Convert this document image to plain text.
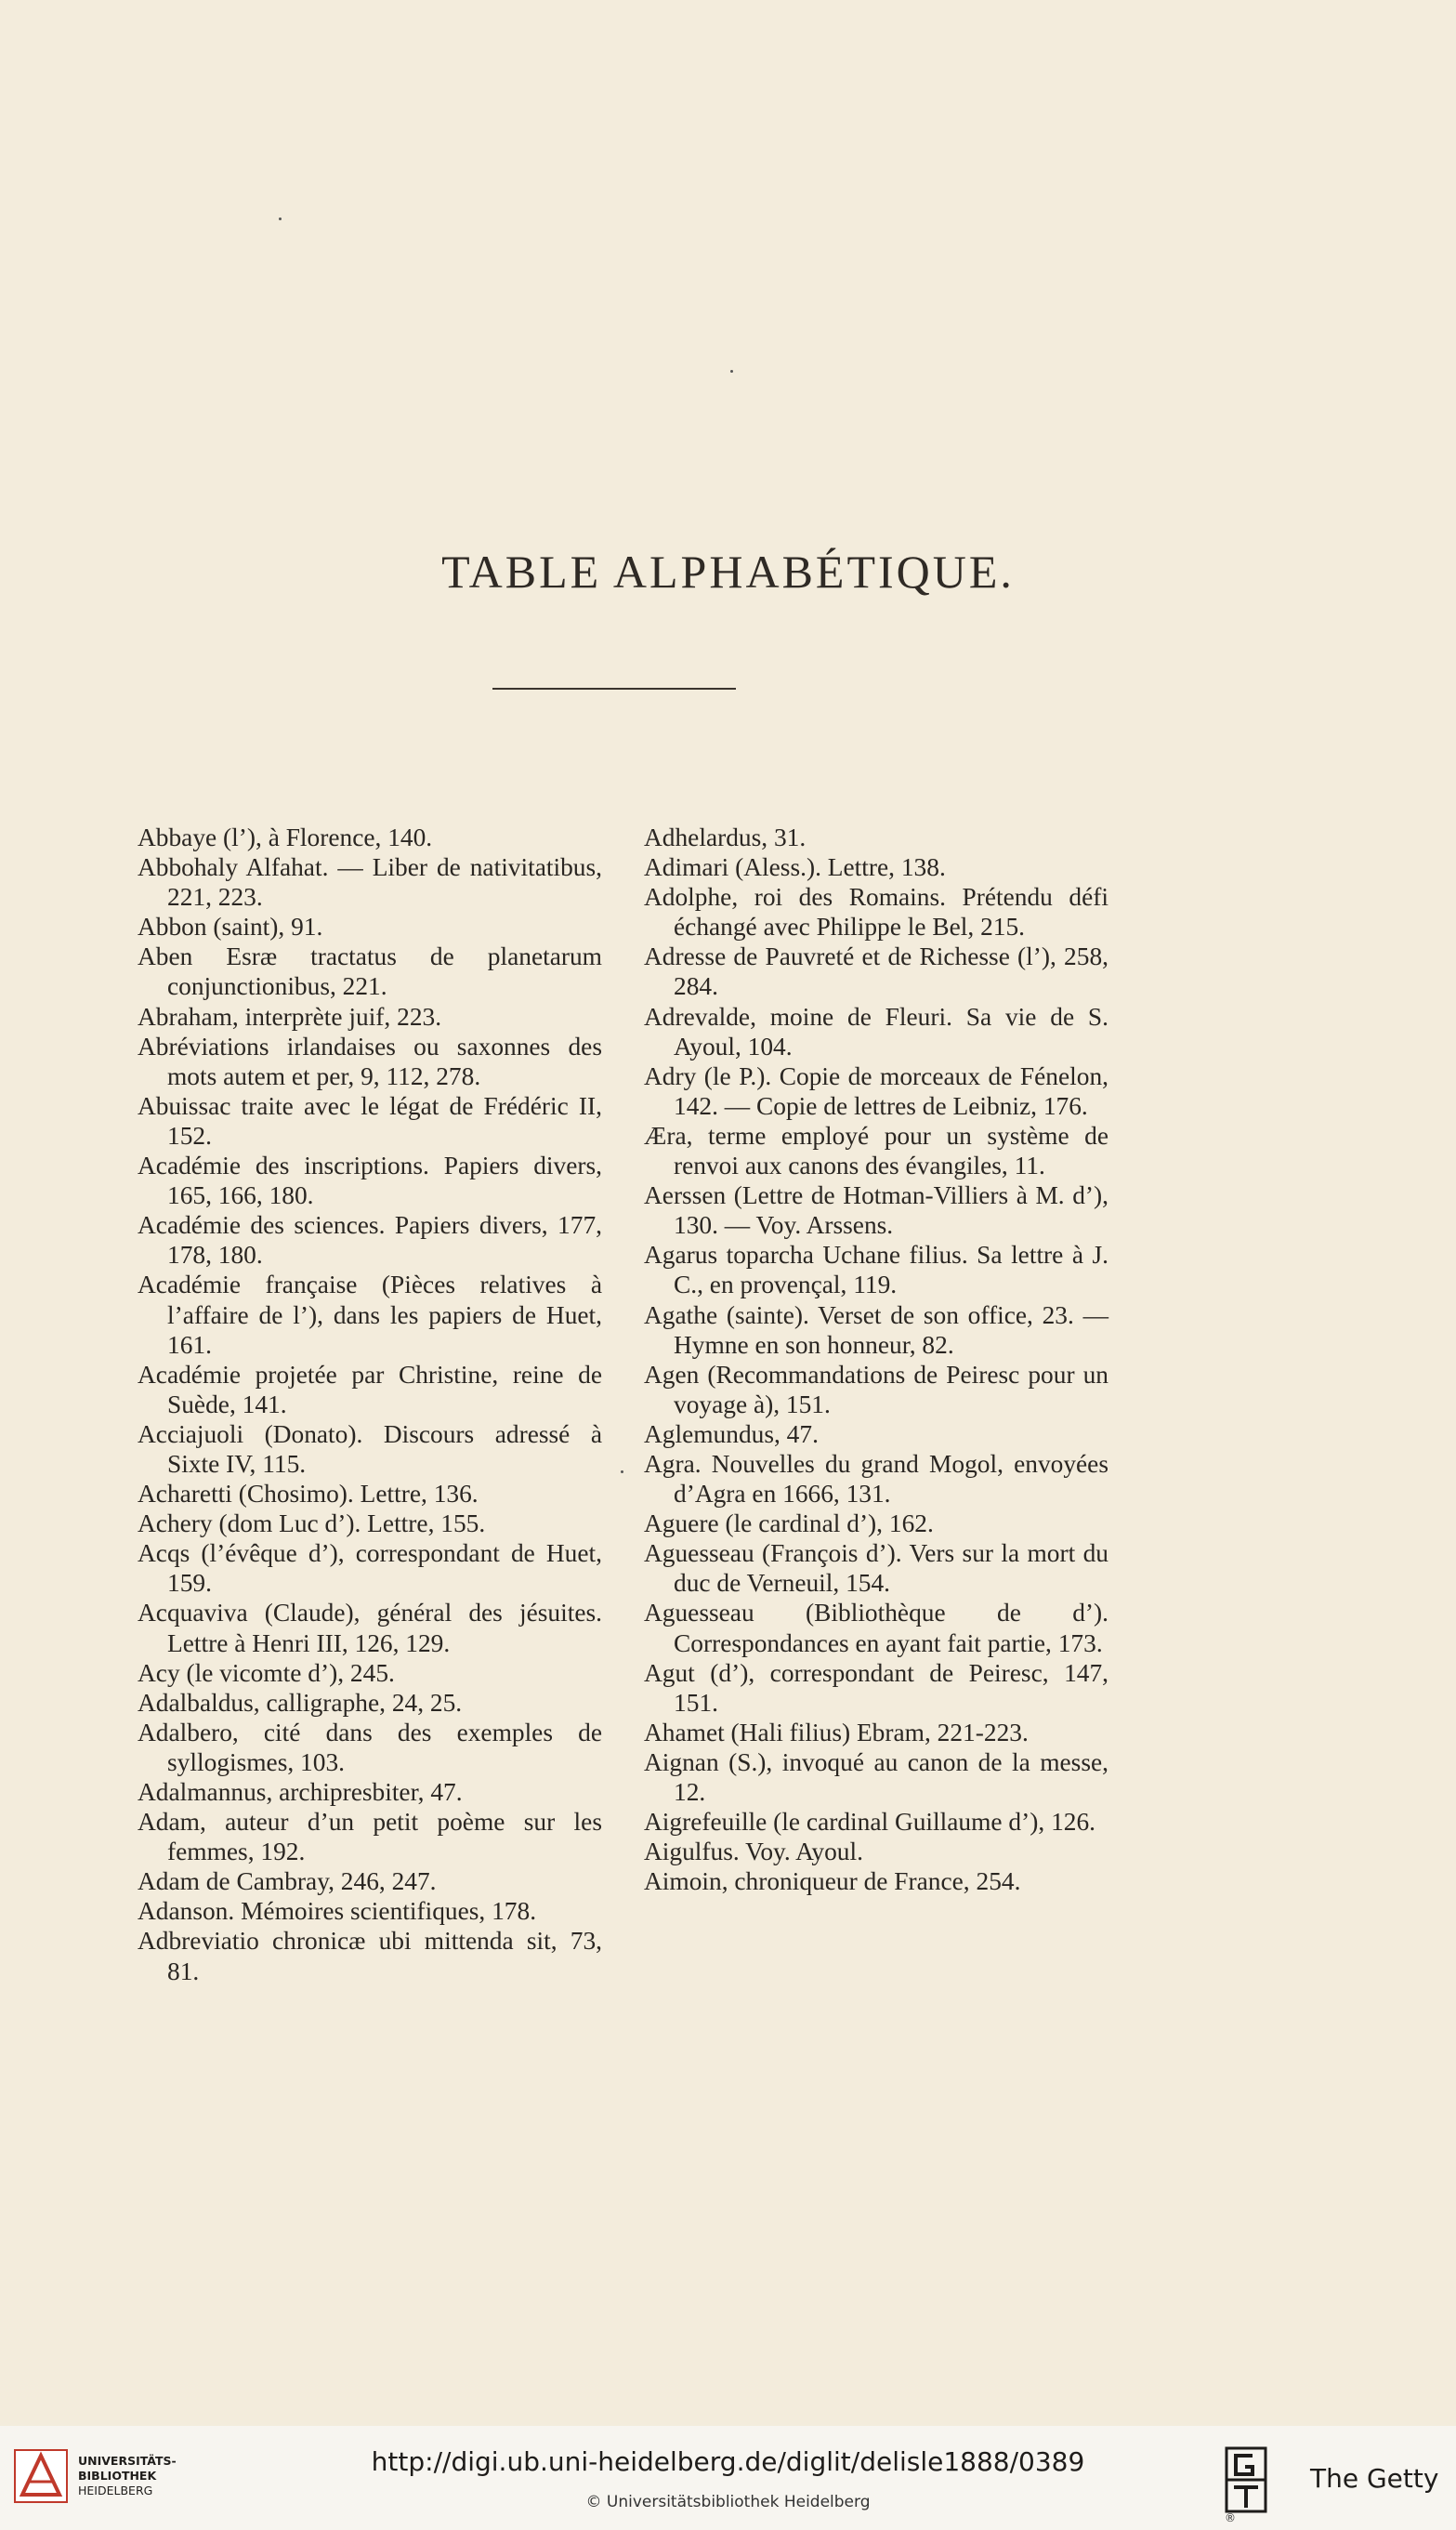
TABLE ALPHABÉTIQUE.
Abbaye (l’), à Florence, 140.
Abbohaly Alfahat. — Liber de nativitatibus, 221, 223.
Abbon (saint), 91.
Aben Esræ tractatus de planetarum conjunctionibus, 221.
Abraham, interprète juif, 223.
Abréviations irlandaises ou saxonnes des mots autem et per, 9, 112, 278.
Abuissac traite avec le légat de Frédéric II, 152.
Académie des inscriptions. Papiers divers, 165, 166, 180.
Académie des sciences. Papiers divers, 177, 178, 180.
Académie française (Pièces relatives à l’affaire de l’), dans les papiers de Huet, 161.
Académie projetée par Christine, reine de Suède, 141.
Acciajuoli (Donato). Discours adressé à Sixte IV, 115.
Acharetti (Chosimo). Lettre, 136.
Achery (dom Luc d’). Lettre, 155.
Acqs (l’évêque d’), correspondant de Huet, 159.
Acquaviva (Claude), général des jésuites. Lettre à Henri III, 126, 129.
Acy (le vicomte d’), 245.
Adalbaldus, calligraphe, 24, 25.
Adalbero, cité dans des exemples de syllogismes, 103.
Adalmannus, archipresbiter, 47.
Adam, auteur d’un petit poème sur les femmes, 192.
Adam de Cambray, 246, 247.
Adanson. Mémoires scientifiques, 178.
Adbreviatio chronicæ ubi mittenda sit, 73, 81.
Adhelardus, 31.
Adimari (Aless.). Lettre, 138.
Adolphe, roi des Romains. Prétendu défi échangé avec Philippe le Bel, 215.
Adresse de Pauvreté et de Richesse (l’), 258, 284.
Adrevalde, moine de Fleuri. Sa vie de S. Ayoul, 104.
Adry (le P.). Copie de morceaux de Fénelon, 142. — Copie de lettres de Leibniz, 176.
Æra, terme employé pour un système de renvoi aux canons des évangiles, 11.
Aerssen (Lettre de Hotman-Villiers à M. d’), 130. — Voy. Arssens.
Agarus toparcha Uchane filius. Sa lettre à J. C., en provençal, 119.
Agathe (sainte). Verset de son office, 23. — Hymne en son honneur, 82.
Agen (Recommandations de Peiresc pour un voyage à), 151.
Aglemundus, 47.
Agra. Nouvelles du grand Mogol, envoyées d’Agra en 1666, 131.
Aguere (le cardinal d’), 162.
Aguesseau (François d’). Vers sur la mort du duc de Verneuil, 154.
Aguesseau (Bibliothèque de d’). Correspondances en ayant fait partie, 173.
Agut (d’), correspondant de Peiresc, 147, 151.
Ahamet (Hali filius) Ebram, 221-223.
Aignan (S.), invoqué au canon de la messe, 12.
Aigrefeuille (le cardinal Guillaume d’), 126.
Aigulfus. Voy. Ayoul.
Aimoin, chroniqueur de France, 254.
UNIVERSITÄTS-
BIBLIOTHEK
HEIDELBERG
http://digi.ub.uni-heidelberg.de/diglit/delisle1888/0389
© Universitätsbibliothek Heidelberg
The Getty
®
